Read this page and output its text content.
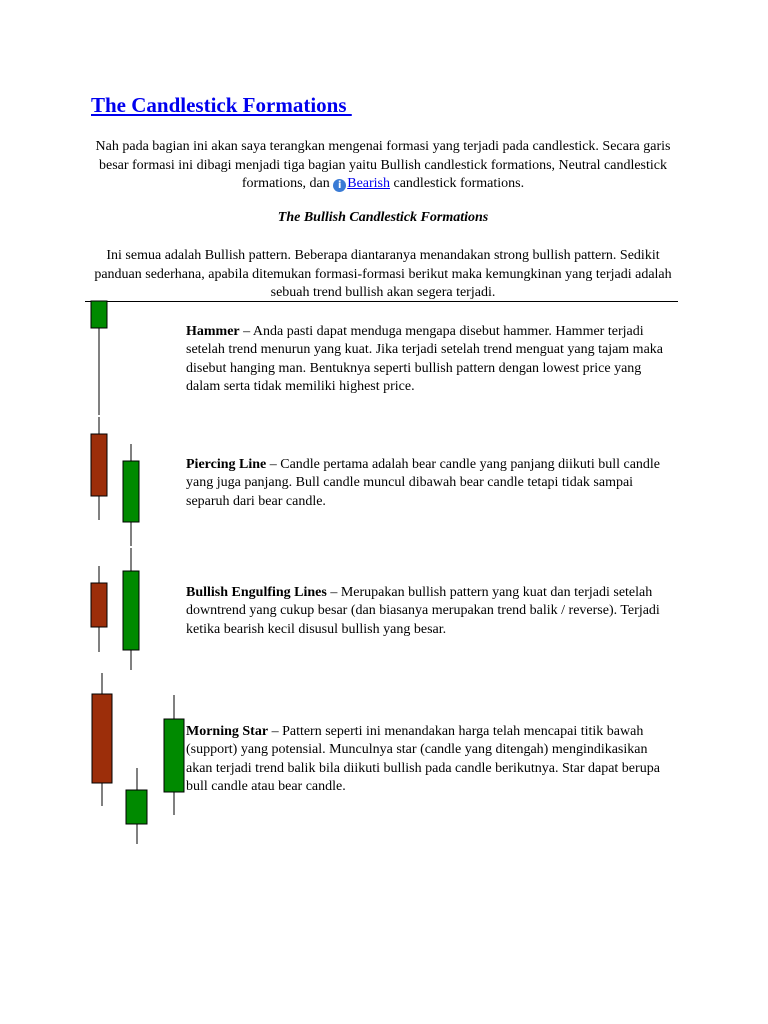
The Candlestick Formations
Nah pada bagian ini akan saya terangkan mengenai formasi yang terjadi pada candlestick. Secara garis besar formasi ini dibagi menjadi tiga bagian yaitu Bullish candlestick formations, Neutral candlestick formations, dan i Bearish candlestick formations.
The Bullish Candlestick Formations
Ini semua adalah Bullish pattern. Beberapa diantaranya menandakan strong bullish pattern. Sedikit panduan sederhana, apabila ditemukan formasi-formasi berikut maka kemungkinan yang terjadi adalah sebuah trend bullish akan segera terjadi.
Hammer – Anda pasti dapat menduga mengapa disebut hammer. Hammer terjadi setelah trend menurun yang kuat. Jika terjadi setelah trend menguat yang tajam maka disebut hanging man. Bentuknya seperti bullish pattern dengan lowest price yang dalam serta tidak memiliki highest price.
Piercing Line – Candle pertama adalah bear candle yang panjang diikuti bull candle yang juga panjang. Bull candle muncul dibawah bear candle tetapi tidak sampai separuh dari bear candle.
Bullish Engulfing Lines – Merupakan bullish pattern yang kuat dan terjadi setelah downtrend yang cukup besar (dan biasanya merupakan trend balik / reverse). Terjadi ketika bearish kecil disusul bullish yang besar.
Morning Star – Pattern seperti ini menandakan harga telah mencapai titik bawah (support) yang potensial. Munculnya star (candle yang ditengah) mengindikasikan akan terjadi trend balik bila diikuti bullish pada candle berikutnya. Star dapat berupa bull candle atau bear candle.
